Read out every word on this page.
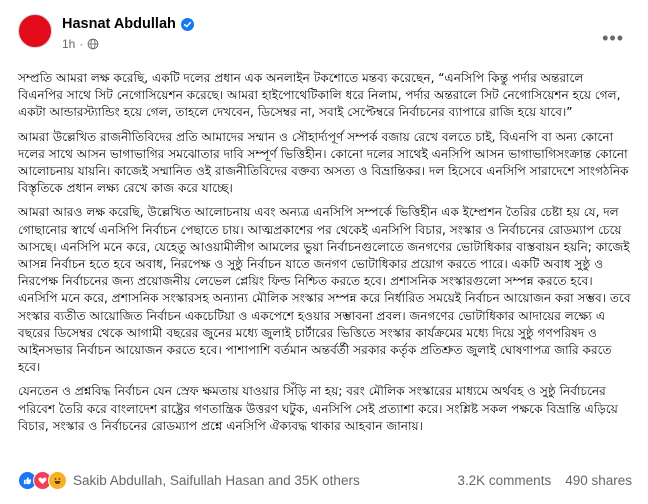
Hasnat Abdullah
1h ·	•••

সম্প্রতি আমরা লক্ষ করেছি, একটি দলের প্রধান এক অনলাইন টকশোতে মন্তব্য করেছেন, “এনসিপি কিন্তু পর্দার অন্তরালে বিএনপির সাথে সিট নেগোসিয়েশন করেছে। আমরা হাইপোথেটিকালি ধরে নিলাম, পর্দার অন্তরালে সিট নেগোসিয়েশন হয়ে গেল, একটা আন্ডারস্ট্যান্ডিং হয়ে গেল, তাহলে দেখবেন, ডিসেম্বর না, সবাই সেপ্টেম্বরে নির্বাচনের ব্যাপারে রাজি হয়ে যাবে।”

আমরা উল্লেখিত রাজনীতিবিদের প্রতি আমাদের সম্মান ও সৌহার্দ্যপূর্ণ সম্পর্ক বজায় রেখে বলতে চাই, বিএনপি বা অন্য কোনো দলের সাথে আসন ভাগাভাগির সমঝোতার দাবি সম্পূর্ণ ভিত্তিহীন। কোনো দলের সাথেই এনসিপি আসন ভাগাভাগিসংক্রান্ত কোনো আলোচনায় যায়নি। কাজেই সম্মানিত ওই রাজনীতিবিদের বক্তব্য অসত্য ও বিভ্রান্তিকর। দল হিসেবে এনসিপি সারাদেশে সাংগঠনিক বিস্তৃতিকে প্রধান লক্ষ্য রেখে কাজ করে যাচ্ছে।

আমরা আরও লক্ষ করেছি, উল্লেখিত আলোচনায় এবং অন্যত্র এনসিপি সম্পর্কে ভিত্তিহীন এক ইম্প্রেশন তৈরির চেষ্টা হয় যে, দল গোছানোর স্বার্থে এনসিপি নির্বাচন পেছাতে চায়। আত্মপ্রকাশের পর থেকেই এনসিপি বিচার, সংস্কার ও নির্বাচনের রোডম্যাপ চেয়ে আসছে। এনসিপি মনে করে, যেহেতু আওয়ামীলীগ আমলের ভুয়া নির্বাচনগুলোতে জনগণের ভোটাধিকার বাস্তবায়ন হয়নি; কাজেই আসন্ন নির্বাচন হতে হবে অবাধ, নিরপেক্ষ ও সুষ্ঠু নির্বাচন যাতে জনগণ ভোটাধিকার প্রয়োগ করতে পারে। একটি অবাধ সুষ্ঠু ও নিরপেক্ষ নির্বাচনের জন্য প্রয়োজনীয় লেভেল প্লেয়িং ফিল্ড নিশ্চিত করতে হবে। প্রশাসনিক সংস্কারগুলো সম্পন্ন করতে হবে। এনসিপি মনে করে, প্রশাসনিক সংস্কারসহ অন্যান্য মৌলিক সংস্কার সম্পন্ন করে নির্ধারিত সময়েই নির্বাচন আয়োজন করা সম্ভব। তবে সংস্কার ব্যতীত আয়োজিত নির্বাচন একচেটিয়া ও একপেশে হওয়ার সম্ভাবনা প্রবল। জনগণের ভোটাধিকার আদায়ের লক্ষ্যে এ বছরের ডিসেম্বর থেকে আগামী বছরের জুনের মধ্যে জুলাই চার্টারের ভিত্তিতে সংস্কার কার্যক্রমের মধ্যে দিয়ে সুষ্ঠু গণপরিষদ ও আইনসভার নির্বাচন আয়োজন করতে হবে। পাশাপাশি বর্তমান অন্তর্বর্তী সরকার কর্তৃক প্রতিশ্রুত জুলাই ঘোষণাপত্র জারি করতে হবে।

যেনতেন ও প্রশ্নবিদ্ধ নির্বাচন যেন স্রেফ ক্ষমতায় যাওয়ার সিঁড়ি না হয়; বরং মৌলিক সংস্কারের মাধ্যমে অর্থবহ ও সুষ্ঠু নির্বাচনের পরিবেশ তৈরি করে বাংলাদেশ রাষ্ট্রের গণতান্ত্রিক উত্তরণ ঘটুক, এনসিপি সেই প্রত্যাশা করে। সংশ্লিষ্ট সকল পক্ষকে বিভ্রান্তি এড়িয়ে বিচার, সংস্কার ও নির্বাচনের রোডম্যাপ প্রশ্নে এনসিপি ঐক্যবদ্ধ থাকার আহবান জানায়।

Sakib Abdullah, Saifullah Hasan and 35K others	3.2K comments 490 shares
